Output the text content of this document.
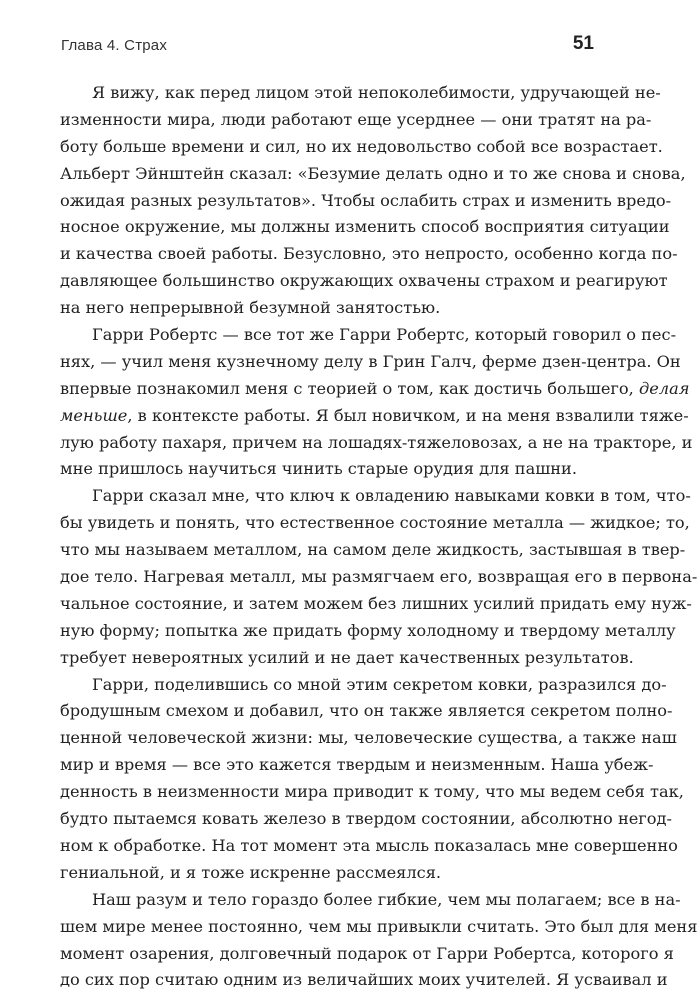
Глава 4. Страх	51
Я вижу, как перед лицом этой непоколебимости, удручающей не-
изменности мира, люди работают еще усерднее — они тратят на ра-
боту больше времени и сил, но их недовольство собой все возрастает.
Альберт Эйнштейн сказал: «Безумие делать одно и то же снова и снова,
ожидая разных результатов». Чтобы ослабить страх и изменить вредо-
носное окружение, мы должны изменить способ восприятия ситуации
и качества своей работы. Безусловно, это непросто, особенно когда по-
давляющее большинство окружающих охвачены страхом и реагируют
на него непрерывной безумной занятостью.
Гарри Робертс — все тот же Гарри Робертс, который говорил о пес-
нях, — учил меня кузнечному делу в Грин Галч, ферме дзен-центра. Он
впервые познакомил меня с теорией о том, как достичь большего, делая
меньше, в контексте работы. Я был новичком, и на меня взвалили тяже-
лую работу пахаря, причем на лошадях-тяжеловозах, а не на тракторе, и
мне пришлось научиться чинить старые орудия для пашни.
Гарри сказал мне, что ключ к овладению навыками ковки в том, что-
бы увидеть и понять, что естественное состояние металла — жидкое; то,
что мы называем металлом, на самом деле жидкость, застывшая в твер-
дое тело. Нагревая металл, мы размягчаем его, возвращая его в первона-
чальное состояние, и затем можем без лишних усилий придать ему нуж-
ную форму; попытка же придать форму холодному и твердому металлу
требует невероятных усилий и не дает качественных результатов.
Гарри, поделившись со мной этим секретом ковки, разразился до-
бродушным смехом и добавил, что он также является секретом полно-
ценной человеческой жизни: мы, человеческие существа, а также наш
мир и время — все это кажется твердым и неизменным. Наша убеж-
денность в неизменности мира приводит к тому, что мы ведем себя так,
будто пытаемся ковать железо в твердом состоянии, абсолютно негод-
ном к обработке. На тот момент эта мысль показалась мне совершенно
гениальной, и я тоже искренне рассмеялся.
Наш разум и тело гораздо более гибкие, чем мы полагаем; все в на-
шем мире менее постоянно, чем мы привыкли считать. Это был для меня
момент озарения, долговечный подарок от Гарри Робертса, которого я
до сих пор считаю одним из величайших моих учителей. Я усваивал и
